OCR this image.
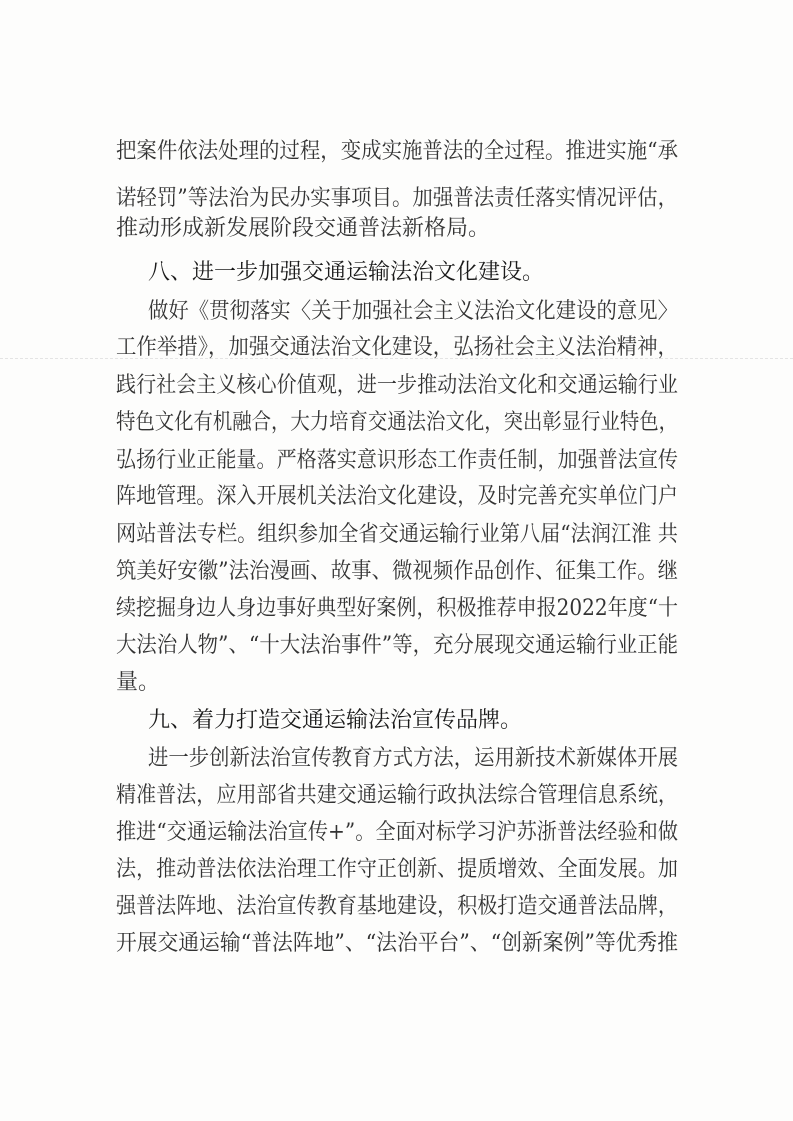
把案件依法处理的过程，变成实施普法的全过程。推进实施“承
诺轻罚”等法治为民办实事项目。加强普法责任落实情况评估，
推动形成新发展阶段交通普法新格局。
八、进一步加强交通运输法治文化建设。
做好《贯彻落实〈关于加强社会主义法治文化建设的意见〉
工作举措》，加强交通法治文化建设，弘扬社会主义法治精神，
践行社会主义核心价值观，进一步推动法治文化和交通运输行业
特色文化有机融合，大力培育交通法治文化，突出彰显行业特色，
弘扬行业正能量。严格落实意识形态工作责任制，加强普法宣传
阵地管理。深入开展机关法治文化建设，及时完善充实单位门户
网站普法专栏。组织参加全省交通运输行业第八届“法润江淮 共
筑美好安徽”法治漫画、故事、微视频作品创作、征集工作。继
续挖掘身边人身边事好典型好案例，积极推荐申报2022年度“十
大法治人物”、“十大法治事件”等，充分展现交通运输行业正能
量。
九、着力打造交通运输法治宣传品牌。
进一步创新法治宣传教育方式方法，运用新技术新媒体开展
精准普法，应用部省共建交通运输行政执法综合管理信息系统，
推进“交通运输法治宣传+”。全面对标学习沪苏浙普法经验和做
法，推动普法依法治理工作守正创新、提质增效、全面发展。加
强普法阵地、法治宣传教育基地建设，积极打造交通普法品牌，
开展交通运输“普法阵地”、“法治平台”、“创新案例”等优秀推
